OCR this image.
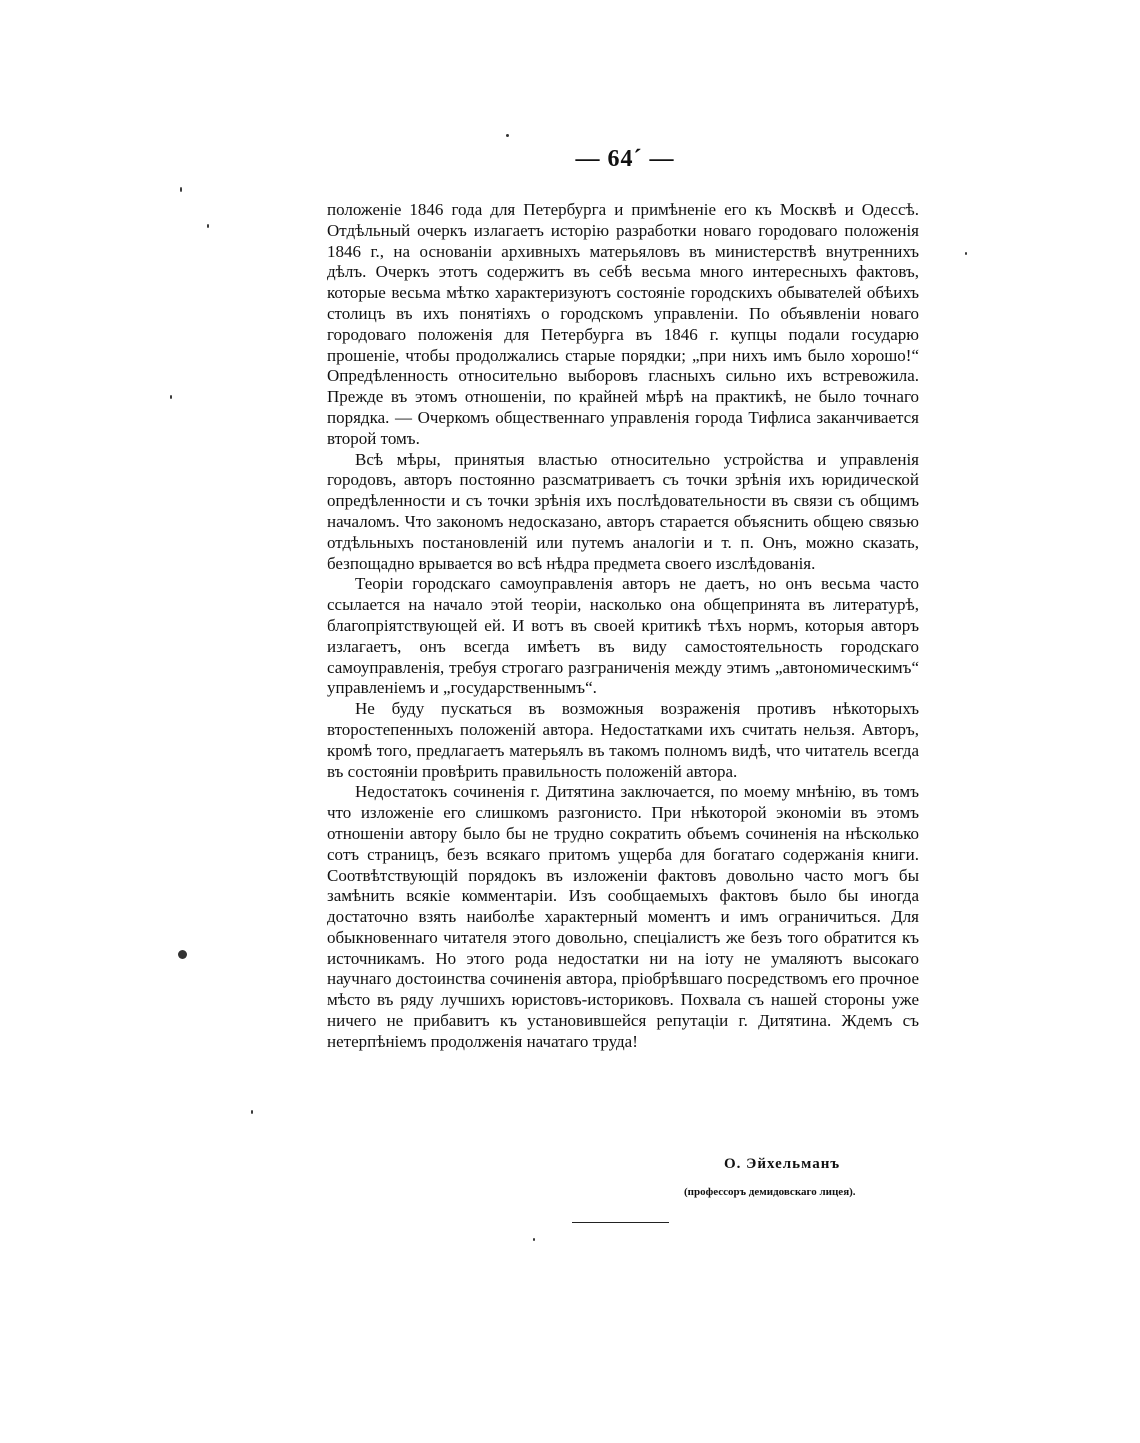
— 64´ —

положеніе 1846 года для Петербурга и примѣненіе его къ Москвѣ и Одессѣ. Отдѣльный очеркъ излагаетъ исторію разработки новаго городоваго положенія 1846 г., на основаніи архивныхъ матерьяловъ въ министерствѣ внутреннихъ дѣлъ. Очеркъ этотъ содержитъ въ себѣ весьма много интересныхъ фактовъ, которые весьма мѣтко характеризуютъ состояніе городскихъ обывателей обѣихъ столицъ въ ихъ понятіяхъ о городскомъ управленіи. По объявленіи новаго городоваго положенія для Петербурга въ 1846 г. купцы подали государю прошеніе, чтобы продолжались старые порядки; „при нихъ имъ было хорошо!“ Опредѣленность относительно выборовъ гласныхъ сильно ихъ встревожила. Прежде въ этомъ отношеніи, по крайней мѣрѣ на практикѣ, не было точнаго порядка. — Очеркомъ общественнаго управленія города Тифлиса заканчивается второй томъ.

Всѣ мѣры, принятыя властью относительно устройства и управленія городовъ, авторъ постоянно разсматриваетъ съ точки зрѣнія ихъ юридической опредѣленности и съ точки зрѣнія ихъ послѣдовательности въ связи съ общимъ началомъ. Что закономъ недосказано, авторъ старается объяснить общею связью отдѣльныхъ постановленій или путемъ аналогіи и т. п. Онъ, можно сказать, безпощадно врывается во всѣ нѣдра предмета своего изслѣдованія.

Теоріи городскаго самоуправленія авторъ не даетъ, но онъ весьма часто ссылается на начало этой теоріи, насколько она общепринята въ литературѣ, благопріятствующей ей. И вотъ въ своей критикѣ тѣхъ нормъ, которыя авторъ излагаетъ, онъ всегда имѣетъ въ виду самостоятельность городскаго самоуправленія, требуя строгаго разграниченія между этимъ „автономическимъ“ управленіемъ и „государственнымъ“.

Не буду пускаться въ возможныя возраженія противъ нѣкоторыхъ второстепенныхъ положеній автора. Недостатками ихъ считать нельзя. Авторъ, кромѣ того, предлагаетъ матерьялъ въ такомъ полномъ видѣ, что читатель всегда въ состояніи провѣрить правильность положеній автора.

Недостатокъ сочиненія г. Дитятина заключается, по моему мнѣнію, въ томъ что изложеніе его слишкомъ разгонисто. При нѣкоторой экономіи въ этомъ отношеніи автору было бы не трудно сократить объемъ сочиненія на нѣсколько сотъ страницъ, безъ всякаго притомъ ущерба для богатаго содержанія книги. Соотвѣтствующій порядокъ въ изложеніи фактовъ довольно часто могъ бы замѣнить всякіе комментаріи. Изъ сообщаемыхъ фактовъ было бы иногда достаточно взять наиболѣе характерный моментъ и имъ ограничиться. Для обыкновеннаго читателя этого довольно, спеціалистъ же безъ того обратится къ источникамъ. Но этого рода недостатки ни на іоту не умаляютъ высокаго научнаго достоинства сочиненія автора, пріобрѣвшаго посредствомъ его прочное мѣсто въ ряду лучшихъ юристовъ-историковъ. Похвала съ нашей стороны уже ничего не прибавитъ къ установившейся репутаціи г. Дитятина. Ждемъ съ нетерпѣніемъ продолженія начатаго труда!

О. Эйхельманъ
(профессоръ демидовскаго лицея).
